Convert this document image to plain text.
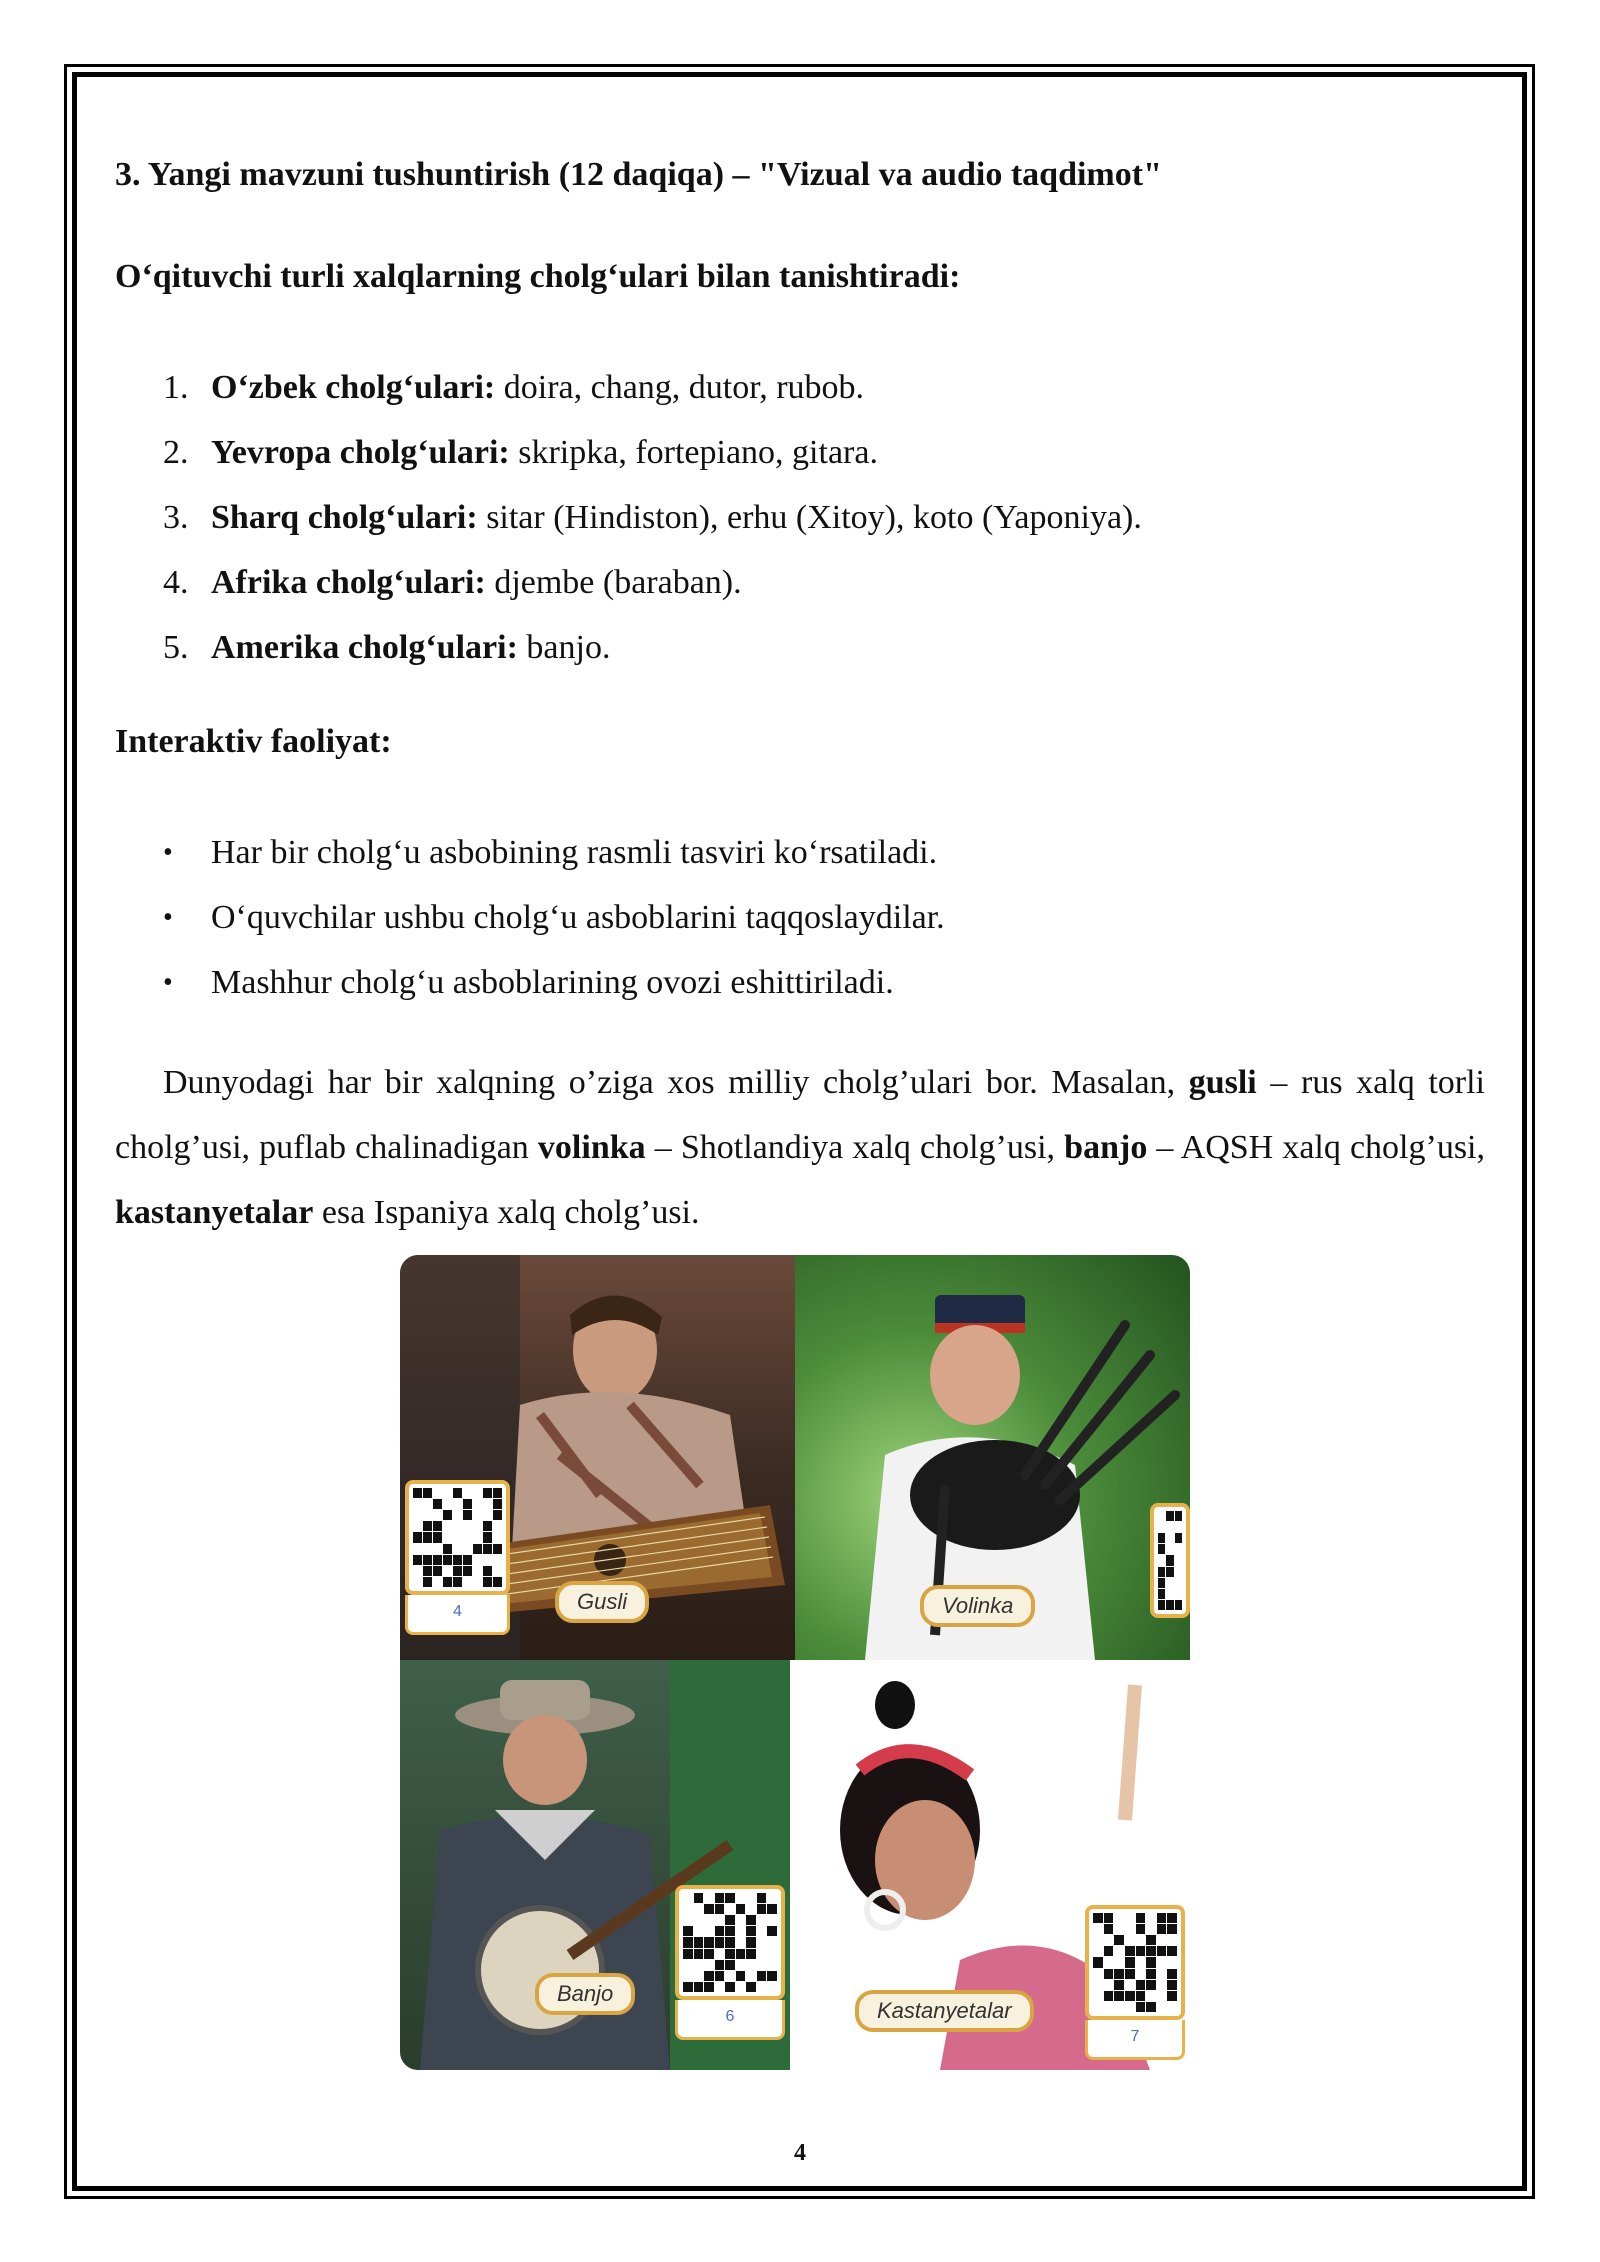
3. Yangi mavzuni tushuntirish (12 daqiqa) – "Vizual va audio taqdimot"

O‘qituvchi turli xalqlarning cholg‘ulari bilan tanishtiradi:

1. O‘zbek cholg‘ulari: doira, chang, dutor, rubob.
2. Yevropa cholg‘ulari: skripka, fortepiano, gitara.
3. Sharq cholg‘ulari: sitar (Hindiston), erhu (Xitoy), koto (Yaponiya).
4. Afrika cholg‘ulari: djembe (baraban).
5. Amerika cholg‘ulari: banjo.

Interaktiv faoliyat:

• Har bir cholg‘u asbobining rasmli tasviri ko‘rsatiladi.
• O‘quvchilar ushbu cholg‘u asboblarini taqqoslaydilar.
• Mashhur cholg‘u asboblarining ovozi eshittiriladi.

Dunyodagi har bir xalqning o’ziga xos milliy cholg’ulari bor. Masalan, gusli – rus xalq torli cholg’usi, puflab chalinadigan volinka – Shotlandiya xalq cholg’usi, banjo – AQSH xalq cholg’usi, kastanyetalar esa Ispaniya xalq cholg’usi.

4
6
7
Gusli	Volinka
Banjo
Kastanyetalar
4
